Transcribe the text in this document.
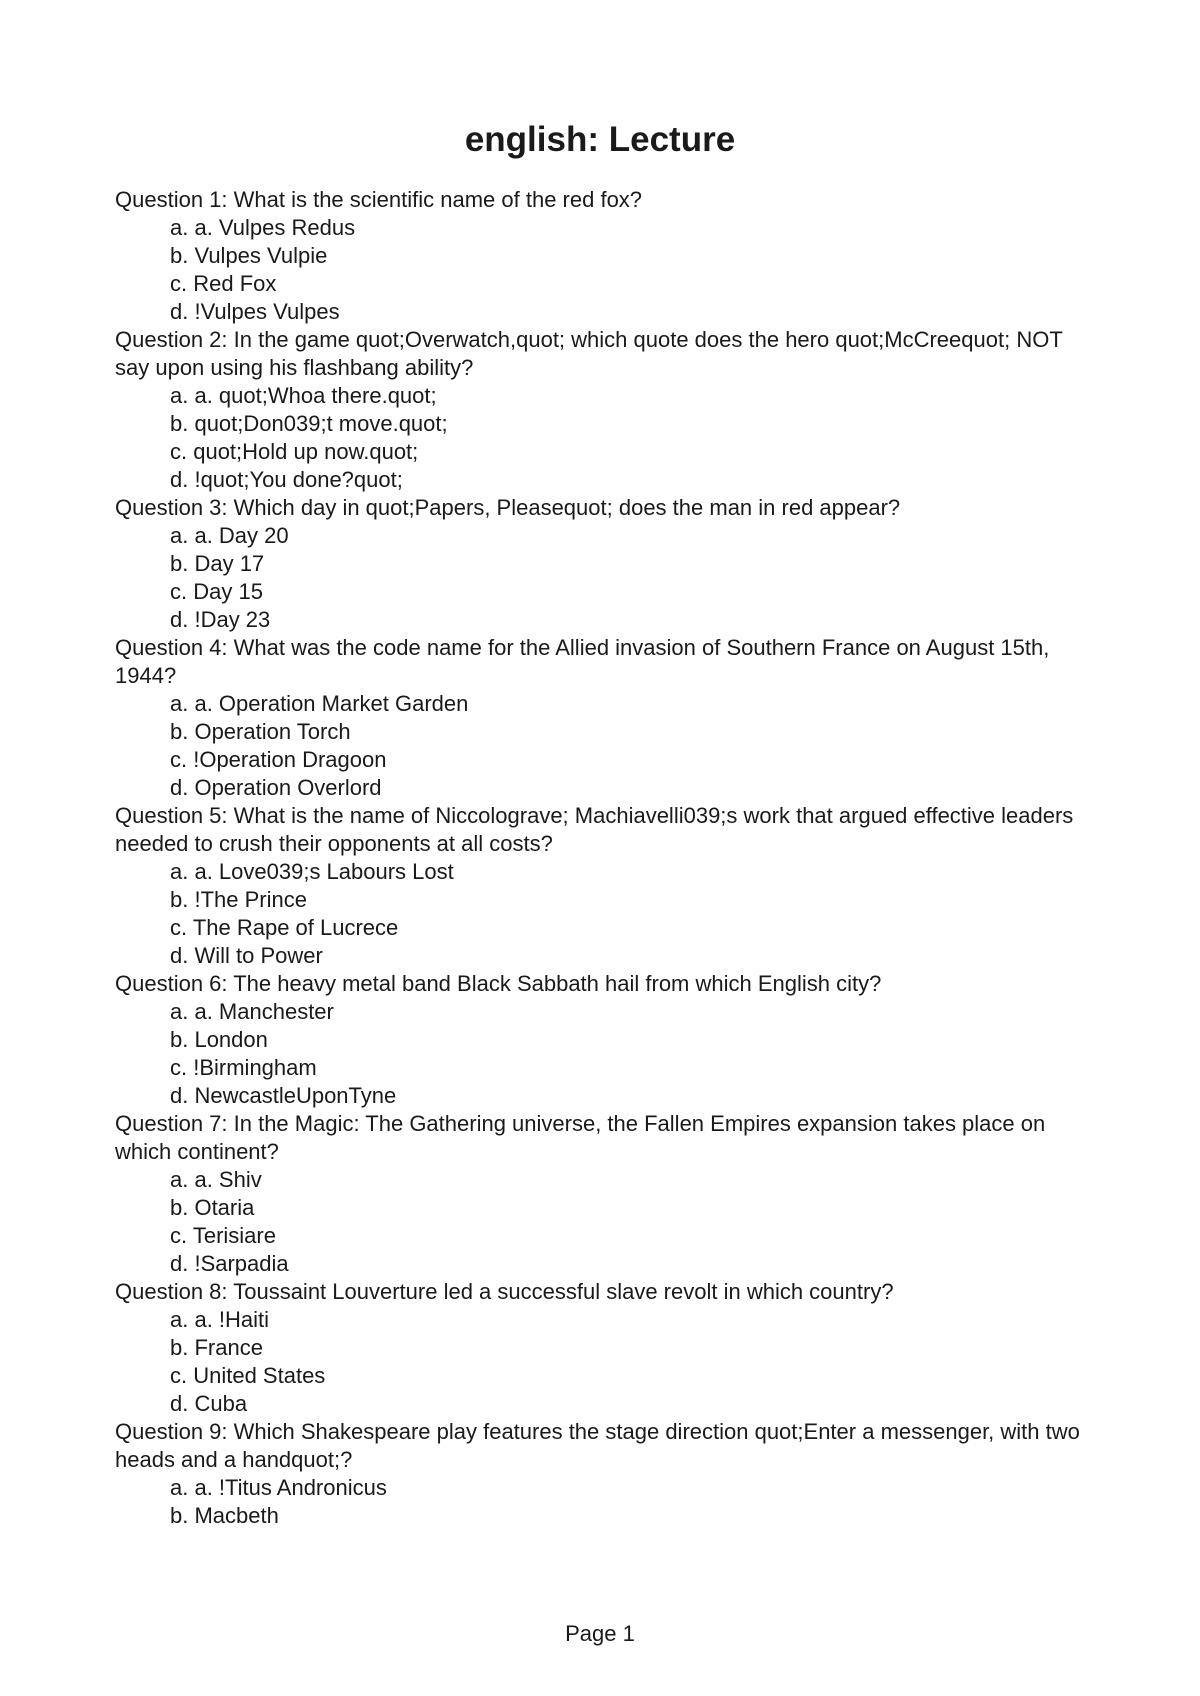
english: Lecture

Question 1: What is the scientific name of the red fox?

a. a. Vulpes Redus
b. Vulpes Vulpie
c. Red Fox
d. !Vulpes Vulpes

Question 2: In the game quot;Overwatch,quot; which quote does the hero quot;McCreequot; NOT say upon using his flashbang ability?

a. a. quot;Whoa there.quot;
b. quot;Don039;t move.quot;
c. quot;Hold up now.quot;
d. !quot;You done?quot;

Question 3: Which day in quot;Papers, Pleasequot; does the man in red appear?

a. a. Day 20
b. Day 17
c. Day 15
d. !Day 23

Question 4: What was the code name for the Allied invasion of Southern France on August 15th, 1944?

a. a. Operation Market Garden
b. Operation Torch
c. !Operation Dragoon
d. Operation Overlord

Question 5: What is the name of Niccolograve; Machiavelli039;s work that argued effective leaders needed to crush their opponents at all costs?

a. a. Love039;s Labours Lost
b. !The Prince
c. The Rape of Lucrece
d. Will to Power

Question 6: The heavy metal band Black Sabbath hail from which English city?

a. a. Manchester
b. London
c. !Birmingham
d. NewcastleUponTyne

Question 7: In the Magic: The Gathering universe, the Fallen Empires expansion takes place on which continent?

a. a. Shiv
b. Otaria
c. Terisiare
d. !Sarpadia

Question 8: Toussaint Louverture led a successful slave revolt in which country?

a. a. !Haiti
b. France
c. United States
d. Cuba

Question 9: Which Shakespeare play features the stage direction quot;Enter a messenger, with two heads and a handquot;?

a. a. !Titus Andronicus
b. Macbeth
Page 1
